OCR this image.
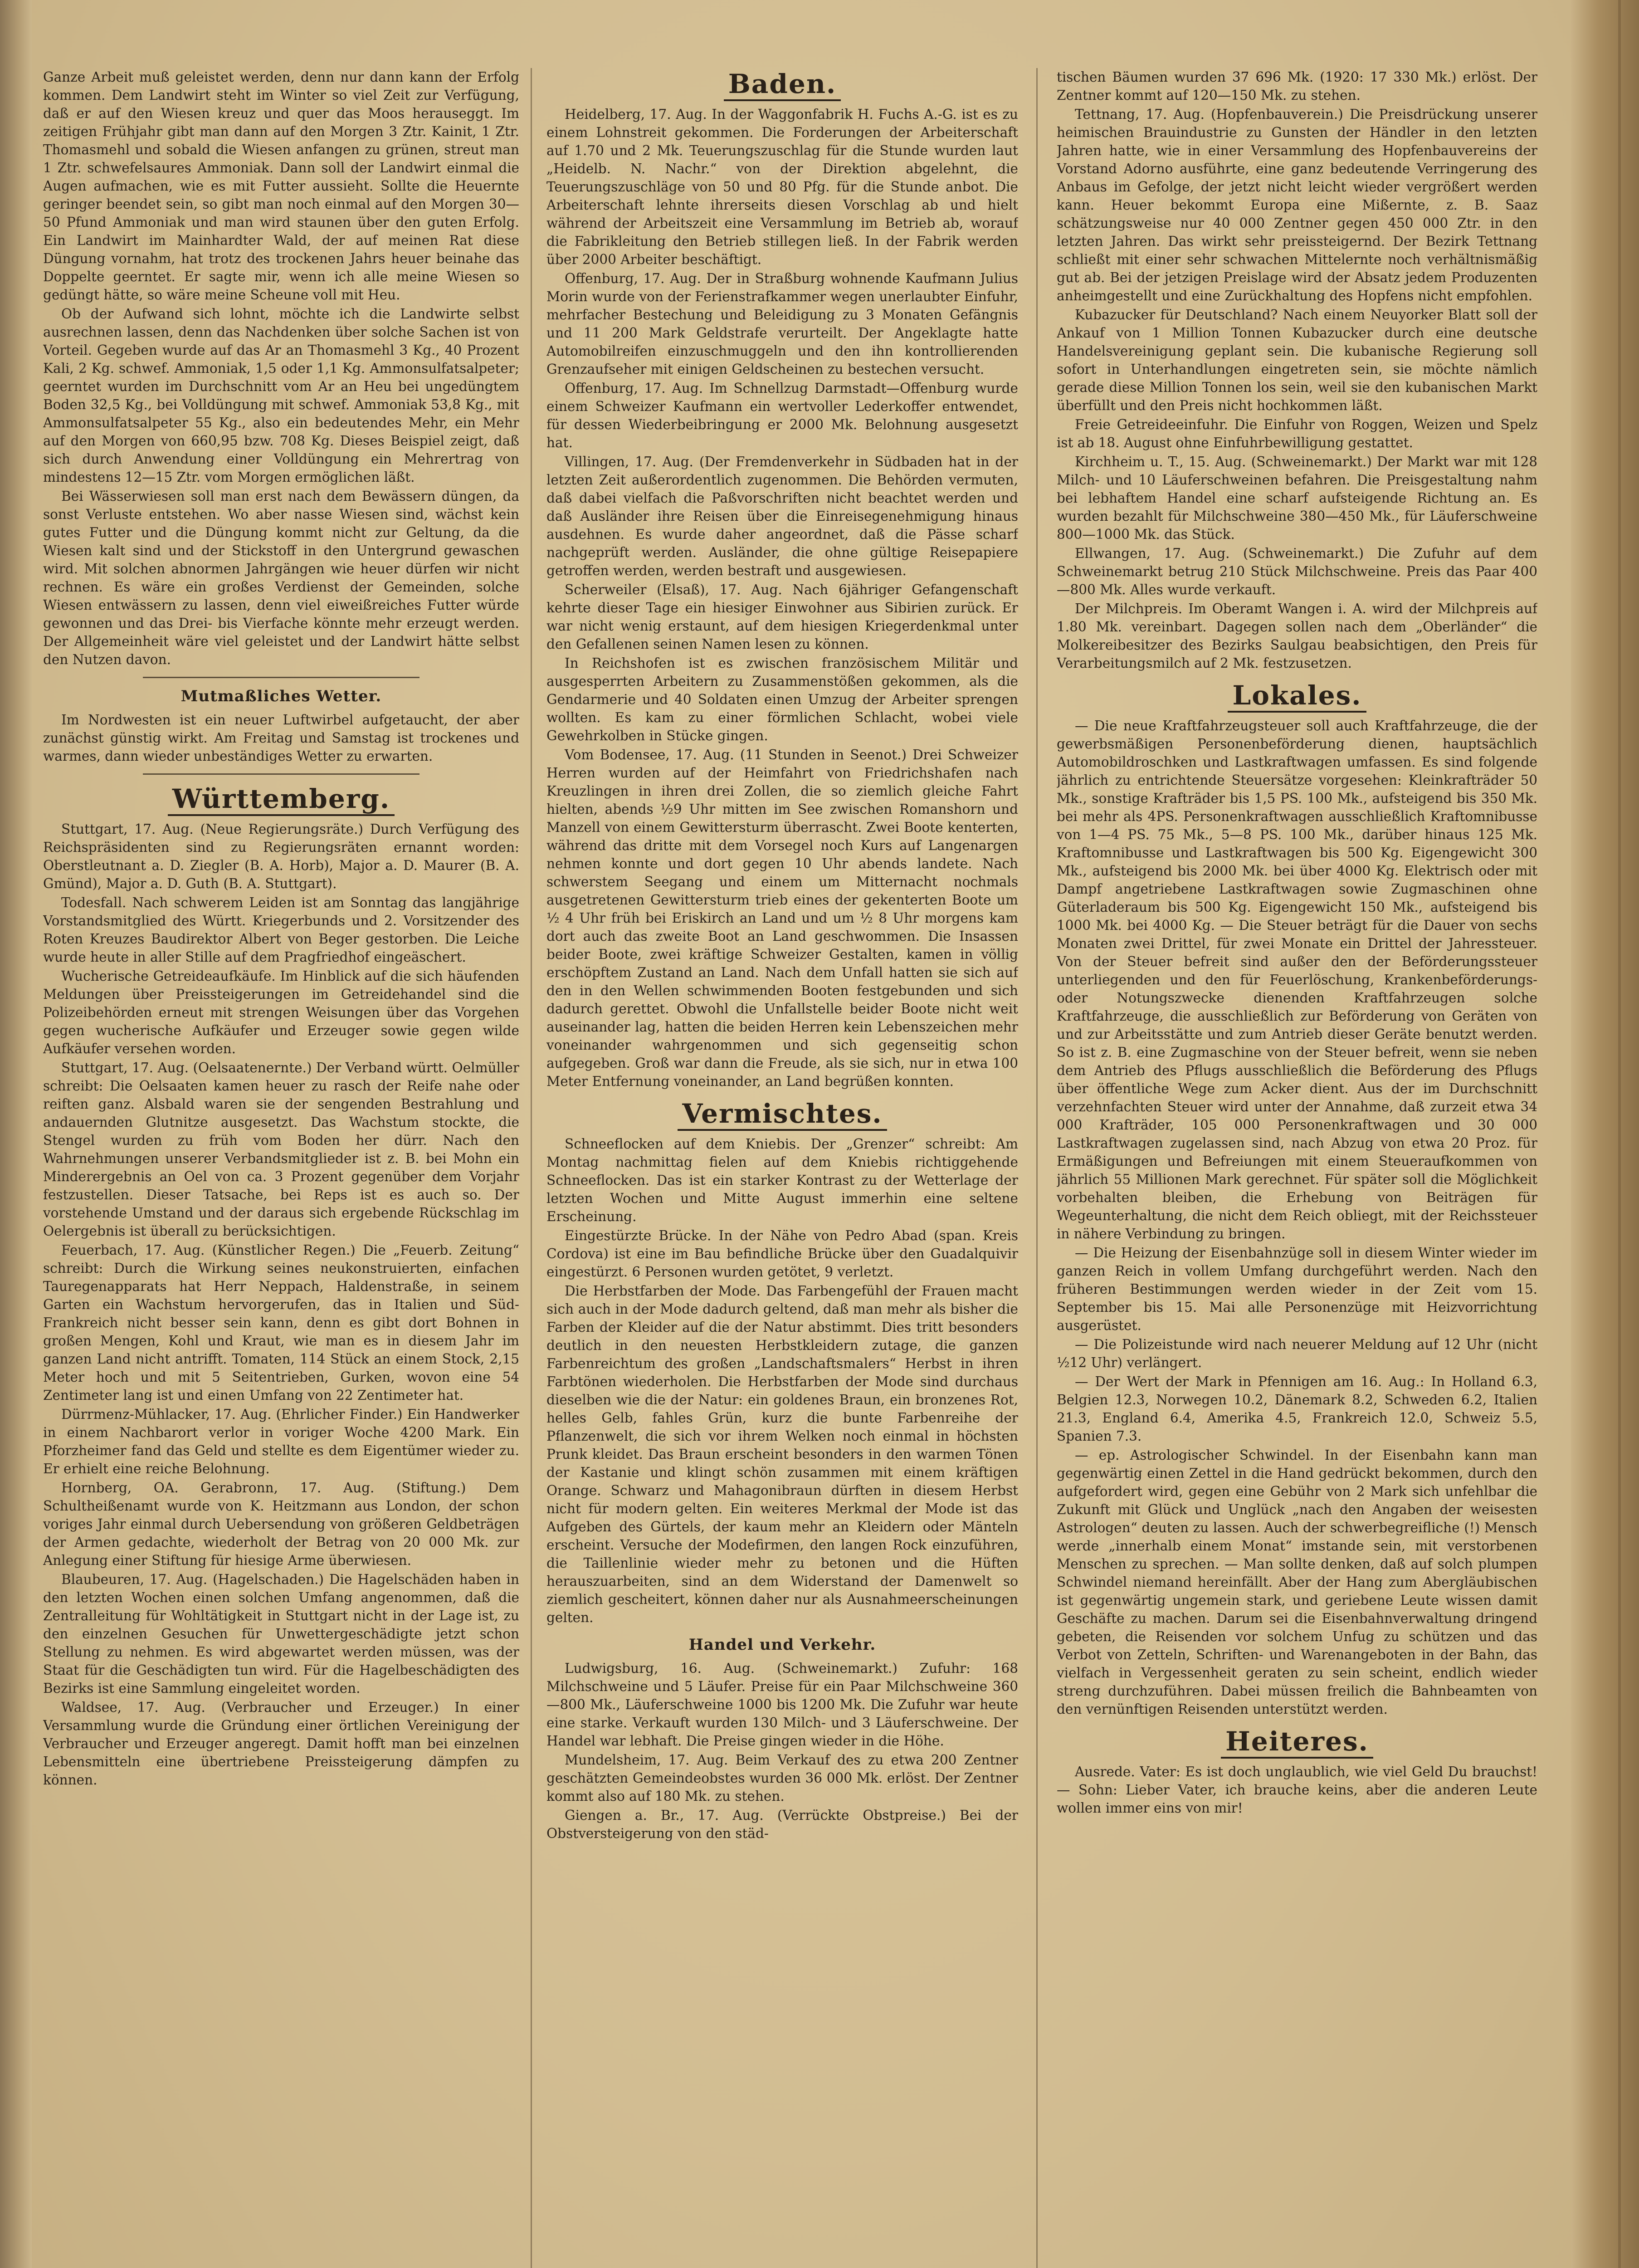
Ganze Arbeit muß geleistet werden, denn nur dann kann der Erfolg kommen. Dem Landwirt steht im Winter so viel Zeit zur Verfügung, daß er auf den Wiesen kreuz und quer das Moos herauseggt. Im zeitigen Frühjahr gibt man dann auf den Morgen 3 Ztr. Kainit, 1 Ztr. Thomasmehl und sobald die Wiesen anfangen zu grünen, streut man 1 Ztr. schwefelsaures Ammoniak. Dann soll der Landwirt einmal die Augen aufmachen, wie es mit Futter aussieht. Sollte die Heuernte geringer beendet sein, so gibt man noch einmal auf den Morgen 30—50 Pfund Ammoniak und man wird staunen über den guten Erfolg. Ein Landwirt im Mainhardter Wald, der auf meinen Rat diese Düngung vornahm, hat trotz des trockenen Jahrs heuer beinahe das Doppelte geerntet. Er sagte mir, wenn ich alle meine Wiesen so gedüngt hätte, so wäre meine Scheune voll mit Heu.

Ob der Aufwand sich lohnt, möchte ich die Landwirte selbst ausrechnen lassen, denn das Nachdenken über solche Sachen ist von Vorteil. Gegeben wurde auf das Ar an Thomasmehl 3 Kg., 40 Prozent Kali, 2 Kg. schwef. Ammoniak, 1,5 oder 1,1 Kg. Ammonsulfatsalpeter; geerntet wurden im Durchschnitt vom Ar an Heu bei ungedüngtem Boden 32,5 Kg., bei Volldüngung mit schwef. Ammoniak 53,8 Kg., mit Ammonsulfatsalpeter 55 Kg., also ein bedeutendes Mehr, ein Mehr auf den Morgen von 660,95 bzw. 708 Kg. Dieses Beispiel zeigt, daß sich durch Anwendung einer Volldüngung ein Mehrertrag von mindestens 12—15 Ztr. vom Morgen ermöglichen läßt.

Bei Wässerwiesen soll man erst nach dem Bewässern düngen, da sonst Verluste entstehen. Wo aber nasse Wiesen sind, wächst kein gutes Futter und die Düngung kommt nicht zur Geltung, da die Wiesen kalt sind und der Stickstoff in den Untergrund gewaschen wird. Mit solchen abnormen Jahrgängen wie heuer dürfen wir nicht rechnen. Es wäre ein großes Verdienst der Gemeinden, solche Wiesen entwässern zu lassen, denn viel eiweißreiches Futter würde gewonnen und das Drei- bis Vierfache könnte mehr erzeugt werden. Der Allgemeinheit wäre viel geleistet und der Landwirt hätte selbst den Nutzen davon.

Mutmaßliches Wetter.

Im Nordwesten ist ein neuer Luftwirbel aufgetaucht, der aber zunächst günstig wirkt. Am Freitag und Samstag ist trockenes und warmes, dann wieder unbeständiges Wetter zu erwarten.

Württemberg.

Stuttgart, 17. Aug. (Neue Regierungsräte.) Durch Verfügung des Reichspräsidenten sind zu Regierungsräten ernannt worden: Oberstleutnant a. D. Ziegler (B. A. Horb), Major a. D. Maurer (B. A. Gmünd), Major a. D. Guth (B. A. Stuttgart).

Todesfall. Nach schwerem Leiden ist am Sonntag das langjährige Vorstandsmitglied des Württ. Kriegerbunds und 2. Vorsitzender des Roten Kreuzes Baudirektor Albert von Beger gestorben. Die Leiche wurde heute in aller Stille auf dem Pragfriedhof eingeäschert.

Wucherische Getreideaufkäufe. Im Hinblick auf die sich häufenden Meldungen über Preissteigerungen im Getreidehandel sind die Polizeibehörden erneut mit strengen Weisungen über das Vorgehen gegen wucherische Aufkäufer und Erzeuger sowie gegen wilde Aufkäufer versehen worden.

Stuttgart, 17. Aug. (Oelsaatenernte.) Der Verband württ. Oelmüller schreibt: Die Oelsaaten kamen heuer zu rasch der Reife nahe oder reiften ganz. Alsbald waren sie der sengenden Bestrahlung und andauernden Glutnitze ausgesetzt. Das Wachstum stockte, die Stengel wurden zu früh vom Boden her dürr. Nach den Wahrnehmungen unserer Verbandsmitglieder ist z. B. bei Mohn ein Minderergebnis an Oel von ca. 3 Prozent gegenüber dem Vorjahr festzustellen. Dieser Tatsache, bei Reps ist es auch so. Der vorstehende Umstand und der daraus sich ergebende Rückschlag im Oelergebnis ist überall zu berücksichtigen.

Feuerbach, 17. Aug. (Künstlicher Regen.) Die „Feuerb. Zeitung“ schreibt: Durch die Wirkung seines neukonstruierten, einfachen Tauregenapparats hat Herr Neppach, Haldenstraße, in seinem Garten ein Wachstum hervorgerufen, das in Italien und Süd-Frankreich nicht besser sein kann, denn es gibt dort Bohnen in großen Mengen, Kohl und Kraut, wie man es in diesem Jahr im ganzen Land nicht antrifft. Tomaten, 114 Stück an einem Stock, 2,15 Meter hoch und mit 5 Seitentrieben, Gurken, wovon eine 54 Zentimeter lang ist und einen Umfang von 22 Zentimeter hat.

Dürrmenz-Mühlacker, 17. Aug. (Ehrlicher Finder.) Ein Handwerker in einem Nachbarort verlor in voriger Woche 4200 Mark. Ein Pforzheimer fand das Geld und stellte es dem Eigentümer wieder zu. Er erhielt eine reiche Belohnung.

Hornberg, OA. Gerabronn, 17. Aug. (Stiftung.) Dem Schultheißenamt wurde von K. Heitzmann aus London, der schon voriges Jahr einmal durch Uebersendung von größeren Geldbeträgen der Armen gedachte, wiederholt der Betrag von 20 000 Mk. zur Anlegung einer Stiftung für hiesige Arme überwiesen.

Blaubeuren, 17. Aug. (Hagelschaden.) Die Hagelschäden haben in den letzten Wochen einen solchen Umfang angenommen, daß die Zentralleitung für Wohltätigkeit in Stuttgart nicht in der Lage ist, zu den einzelnen Gesuchen für Unwettergeschädigte jetzt schon Stellung zu nehmen. Es wird abgewartet werden müssen, was der Staat für die Geschädigten tun wird. Für die Hagelbeschädigten des Bezirks ist eine Sammlung eingeleitet worden.

Waldsee, 17. Aug. (Verbraucher und Erzeuger.) In einer Versammlung wurde die Gründung einer örtlichen Vereinigung der Verbraucher und Erzeuger angeregt. Damit hofft man bei einzelnen Lebensmitteln eine übertriebene Preissteigerung dämpfen zu können.

Baden.

Heidelberg, 17. Aug. In der Waggonfabrik H. Fuchs A.-G. ist es zu einem Lohnstreit gekommen. Die Forderungen der Arbeiterschaft auf 1.70 und 2 Mk. Teuerungszuschlag für die Stunde wurden laut „Heidelb. N. Nachr.“ von der Direktion abgelehnt, die Teuerungszuschläge von 50 und 80 Pfg. für die Stunde anbot. Die Arbeiterschaft lehnte ihrerseits diesen Vorschlag ab und hielt während der Arbeitszeit eine Versammlung im Betrieb ab, worauf die Fabrikleitung den Betrieb stillegen ließ. In der Fabrik werden über 2000 Arbeiter beschäftigt.

Offenburg, 17. Aug. Der in Straßburg wohnende Kaufmann Julius Morin wurde von der Ferienstrafkammer wegen unerlaubter Einfuhr, mehrfacher Bestechung und Beleidigung zu 3 Monaten Gefängnis und 11 200 Mark Geldstrafe verurteilt. Der Angeklagte hatte Automobilreifen einzuschmuggeln und den ihn kontrollierenden Grenzaufseher mit einigen Geldscheinen zu bestechen versucht.

Offenburg, 17. Aug. Im Schnellzug Darmstadt—Offenburg wurde einem Schweizer Kaufmann ein wertvoller Lederkoffer entwendet, für dessen Wiederbeibringung er 2000 Mk. Belohnung ausgesetzt hat.

Villingen, 17. Aug. (Der Fremdenverkehr in Südbaden hat in der letzten Zeit außerordentlich zugenommen. Die Behörden vermuten, daß dabei vielfach die Paßvorschriften nicht beachtet werden und daß Ausländer ihre Reisen über die Einreisegenehmigung hinaus ausdehnen. Es wurde daher angeordnet, daß die Pässe scharf nachgeprüft werden. Ausländer, die ohne gültige Reisepapiere getroffen werden, werden bestraft und ausgewiesen.

Scherweiler (Elsaß), 17. Aug. Nach 6jähriger Gefangenschaft kehrte dieser Tage ein hiesiger Einwohner aus Sibirien zurück. Er war nicht wenig erstaunt, auf dem hiesigen Kriegerdenkmal unter den Gefallenen seinen Namen lesen zu können.

In Reichshofen ist es zwischen französischem Militär und ausgesperrten Arbeitern zu Zusammenstößen gekommen, als die Gendarmerie und 40 Soldaten einen Umzug der Arbeiter sprengen wollten. Es kam zu einer förmlichen Schlacht, wobei viele Gewehrkolben in Stücke gingen.

Vom Bodensee, 17. Aug. (11 Stunden in Seenot.) Drei Schweizer Herren wurden auf der Heimfahrt von Friedrichshafen nach Kreuzlingen in ihren drei Zollen, die so ziemlich gleiche Fahrt hielten, abends ½9 Uhr mitten im See zwischen Romanshorn und Manzell von einem Gewittersturm überrascht. Zwei Boote kenterten, während das dritte mit dem Vorsegel noch Kurs auf Langenargen nehmen konnte und dort gegen 10 Uhr abends landete. Nach schwerstem Seegang und einem um Mitternacht nochmals ausgetretenen Gewittersturm trieb eines der gekenterten Boote um ½ 4 Uhr früh bei Eriskirch an Land und um ½ 8 Uhr morgens kam dort auch das zweite Boot an Land geschwommen. Die Insassen beider Boote, zwei kräftige Schweizer Gestalten, kamen in völlig erschöpftem Zustand an Land. Nach dem Unfall hatten sie sich auf den in den Wellen schwimmenden Booten festgebunden und sich dadurch gerettet. Obwohl die Unfallstelle beider Boote nicht weit auseinander lag, hatten die beiden Herren kein Lebenszeichen mehr voneinander wahrgenommen und sich gegenseitig schon aufgegeben. Groß war dann die Freude, als sie sich, nur in etwa 100 Meter Entfernung voneinander, an Land begrüßen konnten.

Vermischtes.

Schneeflocken auf dem Kniebis. Der „Grenzer“ schreibt: Am Montag nachmittag fielen auf dem Kniebis richtiggehende Schneeflocken. Das ist ein starker Kontrast zu der Wetterlage der letzten Wochen und Mitte August immerhin eine seltene Erscheinung.

Eingestürzte Brücke. In der Nähe von Pedro Abad (span. Kreis Cordova) ist eine im Bau befindliche Brücke über den Guadalquivir eingestürzt. 6 Personen wurden getötet, 9 verletzt.

Die Herbstfarben der Mode. Das Farbengefühl der Frauen macht sich auch in der Mode dadurch geltend, daß man mehr als bisher die Farben der Kleider auf die der Natur abstimmt. Dies tritt besonders deutlich in den neuesten Herbstkleidern zutage, die ganzen Farbenreichtum des großen „Landschaftsmalers“ Herbst in ihren Farbtönen wiederholen. Die Herbstfarben der Mode sind durchaus dieselben wie die der Natur: ein goldenes Braun, ein bronzenes Rot, helles Gelb, fahles Grün, kurz die bunte Farbenreihe der Pflanzenwelt, die sich vor ihrem Welken noch einmal in höchsten Prunk kleidet. Das Braun erscheint besonders in den warmen Tönen der Kastanie und klingt schön zusammen mit einem kräftigen Orange. Schwarz und Mahagonibraun dürften in diesem Herbst nicht für modern gelten. Ein weiteres Merkmal der Mode ist das Aufgeben des Gürtels, der kaum mehr an Kleidern oder Mänteln erscheint. Versuche der Modefirmen, den langen Rock einzuführen, die Taillenlinie wieder mehr zu betonen und die Hüften herauszuarbeiten, sind an dem Widerstand der Damenwelt so ziemlich gescheitert, können daher nur als Ausnahmeerscheinungen gelten.

Handel und Verkehr.

Ludwigsburg, 16. Aug. (Schweinemarkt.) Zufuhr: 168 Milchschweine und 5 Läufer. Preise für ein Paar Milchschweine 360—800 Mk., Läuferschweine 1000 bis 1200 Mk. Die Zufuhr war heute eine starke. Verkauft wurden 130 Milch- und 3 Läuferschweine. Der Handel war lebhaft. Die Preise gingen wieder in die Höhe.

Mundelsheim, 17. Aug. Beim Verkauf des zu etwa 200 Zentner geschätzten Gemeindeobstes wurden 36 000 Mk. erlöst. Der Zentner kommt also auf 180 Mk. zu stehen.

Giengen a. Br., 17. Aug. (Verrückte Obstpreise.) Bei der Obstversteigerung von den städ-

tischen Bäumen wurden 37 696 Mk. (1920: 17 330 Mk.) erlöst. Der Zentner kommt auf 120—150 Mk. zu stehen.

Tettnang, 17. Aug. (Hopfenbauverein.) Die Preisdrückung unserer heimischen Brauindustrie zu Gunsten der Händler in den letzten Jahren hatte, wie in einer Versammlung des Hopfenbauvereins der Vorstand Adorno ausführte, eine ganz bedeutende Verringerung des Anbaus im Gefolge, der jetzt nicht leicht wieder vergrößert werden kann. Heuer bekommt Europa eine Mißernte, z. B. Saaz schätzungsweise nur 40 000 Zentner gegen 450 000 Ztr. in den letzten Jahren. Das wirkt sehr preissteigernd. Der Bezirk Tettnang schließt mit einer sehr schwachen Mittelernte noch verhältnismäßig gut ab. Bei der jetzigen Preislage wird der Absatz jedem Produzenten anheimgestellt und eine Zurückhaltung des Hopfens nicht empfohlen.

Kubazucker für Deutschland? Nach einem Neuyorker Blatt soll der Ankauf von 1 Million Tonnen Kubazucker durch eine deutsche Handelsvereinigung geplant sein. Die kubanische Regierung soll sofort in Unterhandlungen eingetreten sein, sie möchte nämlich gerade diese Million Tonnen los sein, weil sie den kubanischen Markt überfüllt und den Preis nicht hochkommen läßt.

Freie Getreideeinfuhr. Die Einfuhr von Roggen, Weizen und Spelz ist ab 18. August ohne Einfuhrbewilligung gestattet.

Kirchheim u. T., 15. Aug. (Schweinemarkt.) Der Markt war mit 128 Milch- und 10 Läuferschweinen befahren. Die Preisgestaltung nahm bei lebhaftem Handel eine scharf aufsteigende Richtung an. Es wurden bezahlt für Milchschweine 380—450 Mk., für Läuferschweine 800—1000 Mk. das Stück.

Ellwangen, 17. Aug. (Schweinemarkt.) Die Zufuhr auf dem Schweinemarkt betrug 210 Stück Milchschweine. Preis das Paar 400—800 Mk. Alles wurde verkauft.

Der Milchpreis. Im Oberamt Wangen i. A. wird der Milchpreis auf 1.80 Mk. vereinbart. Dagegen sollen nach dem „Oberländer“ die Molkereibesitzer des Bezirks Saulgau beabsichtigen, den Preis für Verarbeitungsmilch auf 2 Mk. festzusetzen.

Lokales.

— Die neue Kraftfahrzeugsteuer soll auch Kraftfahrzeuge, die der gewerbsmäßigen Personenbeförderung dienen, hauptsächlich Automobildroschken und Lastkraftwagen umfassen. Es sind folgende jährlich zu entrichtende Steuersätze vorgesehen: Kleinkrafträder 50 Mk., sonstige Krafträder bis 1,5 PS. 100 Mk., aufsteigend bis 350 Mk. bei mehr als 4PS. Personenkraftwagen ausschließlich Kraftomnibusse von 1—4 PS. 75 Mk., 5—8 PS. 100 Mk., darüber hinaus 125 Mk. Kraftomnibusse und Lastkraftwagen bis 500 Kg. Eigengewicht 300 Mk., aufsteigend bis 2000 Mk. bei über 4000 Kg. Elektrisch oder mit Dampf angetriebene Lastkraftwagen sowie Zugmaschinen ohne Güterladeraum bis 500 Kg. Eigengewicht 150 Mk., aufsteigend bis 1000 Mk. bei 4000 Kg. — Die Steuer beträgt für die Dauer von sechs Monaten zwei Drittel, für zwei Monate ein Drittel der Jahressteuer. Von der Steuer befreit sind außer den der Beförderungssteuer unterliegenden und den für Feuerlöschung, Krankenbeförderungs- oder Notungszwecke dienenden Kraftfahrzeugen solche Kraftfahrzeuge, die ausschließlich zur Beförderung von Geräten von und zur Arbeitsstätte und zum Antrieb dieser Geräte benutzt werden. So ist z. B. eine Zugmaschine von der Steuer befreit, wenn sie neben dem Antrieb des Pflugs ausschließlich die Beförderung des Pflugs über öffentliche Wege zum Acker dient. Aus der im Durchschnitt verzehnfachten Steuer wird unter der Annahme, daß zurzeit etwa 34 000 Krafträder, 105 000 Personenkraftwagen und 30 000 Lastkraftwagen zugelassen sind, nach Abzug von etwa 20 Proz. für Ermäßigungen und Befreiungen mit einem Steueraufkommen von jährlich 55 Millionen Mark gerechnet. Für später soll die Möglichkeit vorbehalten bleiben, die Erhebung von Beiträgen für Wegeunterhaltung, die nicht dem Reich obliegt, mit der Reichssteuer in nähere Verbindung zu bringen.

— Die Heizung der Eisenbahnzüge soll in diesem Winter wieder im ganzen Reich in vollem Umfang durchgeführt werden. Nach den früheren Bestimmungen werden wieder in der Zeit vom 15. September bis 15. Mai alle Personenzüge mit Heizvorrichtung ausgerüstet.

— Die Polizeistunde wird nach neuerer Meldung auf 12 Uhr (nicht ½12 Uhr) verlängert.

— Der Wert der Mark in Pfennigen am 16. Aug.: In Holland 6.3, Belgien 12.3, Norwegen 10.2, Dänemark 8.2, Schweden 6.2, Italien 21.3, England 6.4, Amerika 4.5, Frankreich 12.0, Schweiz 5.5, Spanien 7.3.

— ep. Astrologischer Schwindel. In der Eisenbahn kann man gegenwärtig einen Zettel in die Hand gedrückt bekommen, durch den aufgefordert wird, gegen eine Gebühr von 2 Mark sich unfehlbar die Zukunft mit Glück und Unglück „nach den Angaben der weisesten Astrologen“ deuten zu lassen. Auch der schwerbegreifliche (!) Mensch werde „innerhalb einem Monat“ imstande sein, mit verstorbenen Menschen zu sprechen. — Man sollte denken, daß auf solch plumpen Schwindel niemand hereinfällt. Aber der Hang zum Abergläubischen ist gegenwärtig ungemein stark, und geriebene Leute wissen damit Geschäfte zu machen. Darum sei die Eisenbahnverwaltung dringend gebeten, die Reisenden vor solchem Unfug zu schützen und das Verbot von Zetteln, Schriften- und Warenangeboten in der Bahn, das vielfach in Vergessenheit geraten zu sein scheint, endlich wieder streng durchzuführen. Dabei müssen freilich die Bahnbeamten von den vernünftigen Reisenden unterstützt werden.

Heiteres.

Ausrede. Vater: Es ist doch unglaublich, wie viel Geld Du brauchst! — Sohn: Lieber Vater, ich brauche keins, aber die anderen Leute wollen immer eins von mir!
